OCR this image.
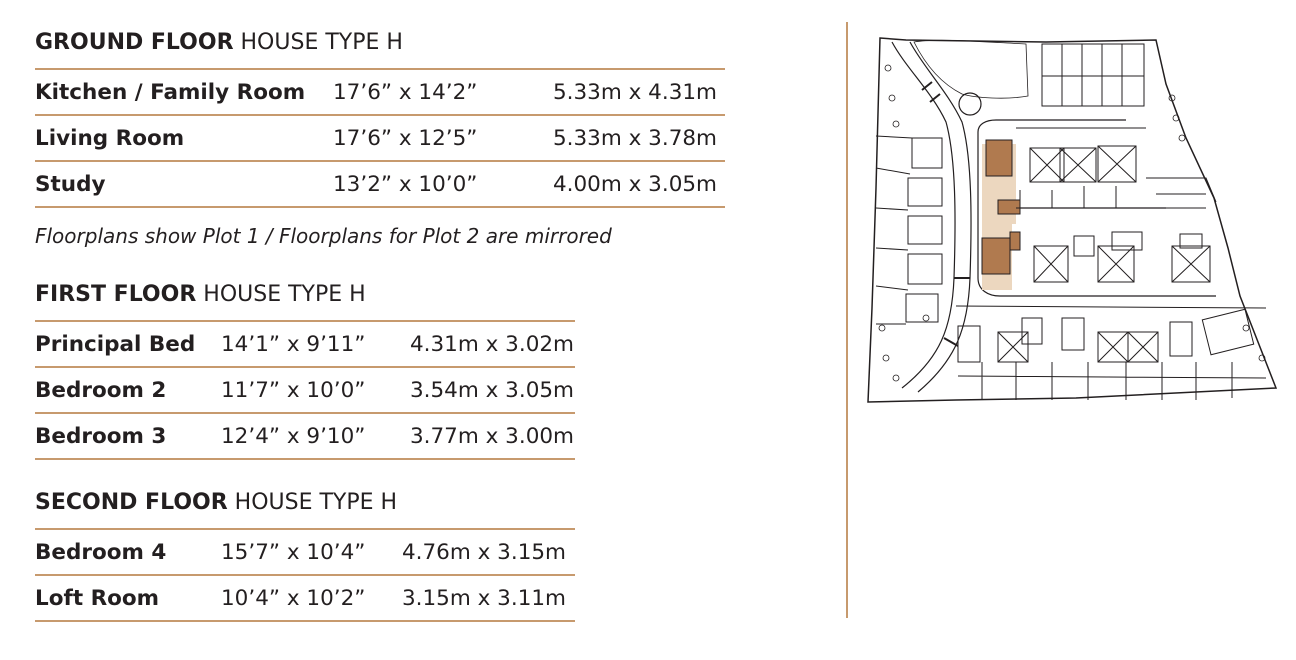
GROUND FLOOR HOUSE TYPE H
Kitchen / Family Room	17’6” x 14’2”	5.33m x 4.31m
Living Room	17’6” x 12’5”	5.33m x 3.78m
Study	13’2” x 10’0”	4.00m x 3.05m
Floorplans show Plot 1 / Floorplans for Plot 2 are mirrored
FIRST FLOOR HOUSE TYPE H
Principal Bed	14’1” x 9’11”	4.31m x 3.02m
Bedroom 2	11’7” x 10’0”	3.54m x 3.05m
Bedroom 3	12’4” x 9’10”	3.77m x 3.00m
SECOND FLOOR HOUSE TYPE H
Bedroom 4	15’7” x 10’4”	4.76m x 3.15m
Loft Room	10’4” x 10’2”	3.15m x 3.11m
